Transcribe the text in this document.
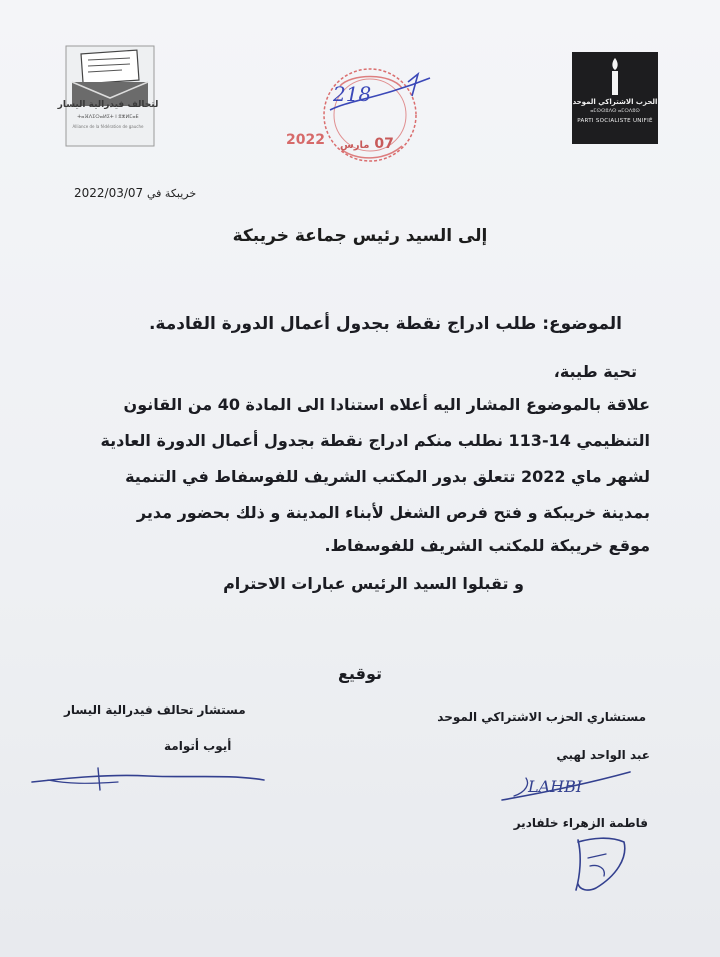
لتحالف فيدرالية اليسار
ⵜⴰⴼⴷⵉⵔⴰⵍⵉⵜ ⵏ ⵓⵣⵍⵎⴰⴹ
Alliance de la fédération de gauche
الحزب الاشتراكي الموحد
ⴰⵎⵙⵙⵓⴷⵙ ⴰⵎⵔⴷⵓⵙ
PARTI SOCIALISTE UNIFIÉ
218
2022	07 مارس
2022/03/07 خريبكة في
إلى السيد رئيس جماعة خريبكة
الموضوع: طلب ادراج نقطة بجدول أعمال الدورة القادمة.
تحية طيبة،
علاقة بالموضوع المشار اليه أعلاه استنادا الى المادة 40 من القانون
التنظيمي 14-113 نطلب منكم ادراج نقطة بجدول أعمال الدورة العادية
لشهر ماي 2022 تتعلق بدور المكتب الشريف للفوسفاط في التنمية
بمدينة خريبكة و فتح فرص الشغل لأبناء المدينة و ذلك بحضور مدير
موقع خريبكة للمكتب الشريف للفوسفاط.
و تقبلوا السيد الرئيس عبارات الاحترام
توقيع
مستشار تحالف فيدرالية اليسار	مستشاري الحزب الاشتراكي الموحد
أيوب أتوامة
عبد الواحد لهبي
LAHBI
فاطمة الزهراء خلفادير
